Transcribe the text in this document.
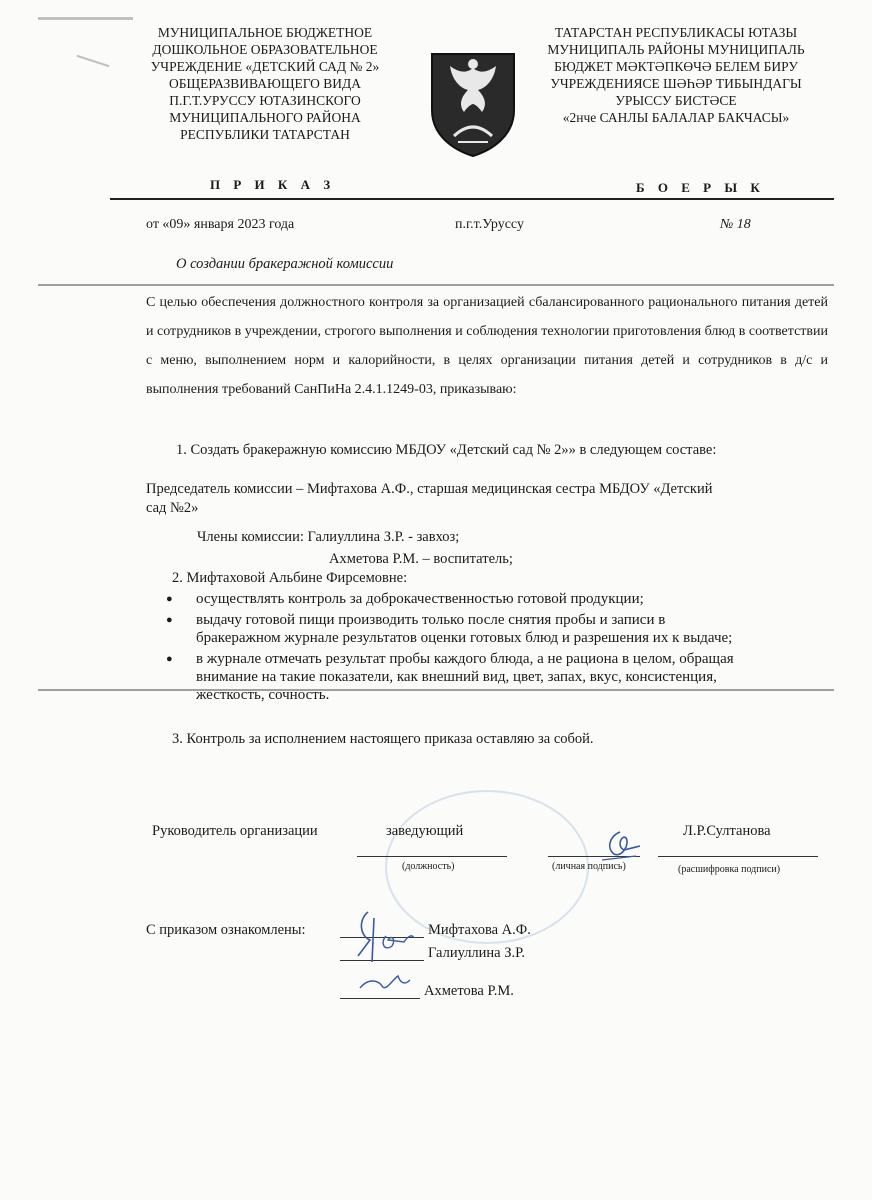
МУНИЦИПАЛЬНОЕ БЮДЖЕТНОЕ
ДОШКОЛЬНОЕ ОБРАЗОВАТЕЛЬНОЕ
УЧРЕЖДЕНИЕ «ДЕТСКИЙ САД № 2»
ОБЩЕРАЗВИВАЮЩЕГО ВИДА
П.Г.Т.УРУССУ ЮТАЗИНСКОГО
МУНИЦИПАЛЬНОГО РАЙОНА
РЕСПУБЛИКИ ТАТАРСТАН
ТАТАРСТАН РЕСПУБЛИКАСЫ ЮТАЗЫ
МУНИЦИПАЛЬ РАЙОНЫ МУНИЦИПАЛЬ
БЮДЖЕТ МӘКТӘПКӨЧӘ БЕЛЕМ БИРУ
УЧРЕЖДЕНИЯСЕ ШӘҺӘР ТИБЫНДАГЫ
УРЫССУ БИСТӘСЕ
«2нче САНЛЫ БАЛАЛАР БАКЧАСЫ»
П Р И К А З	Б О Е Р Ы К
от «09» января 2023 года	п.г.т.Уруссу	№ 18
О создании бракеражной комиссии
С целью обеспечения должностного контроля за организацией сбалансированного рационального питания детей и сотрудников в учреждении, строгого выполнения и соблюдения технологии приготовления блюд в соответствии с меню, выполнением норм и калорийности, в целях организации питания детей и сотрудников в д/с и выполнения требований СанПиНа 2.4.1.1249-03, приказываю:
1. Создать бракеражную комиссию МБДОУ «Детский сад № 2»» в следующем составе:
Председатель комиссии – Мифтахова А.Ф., старшая медицинская сестра МБДОУ «Детский
сад №2»
Члены комиссии: Галиуллина З.Р. - завхоз;
Ахметова Р.М. – воспитатель;
2. Мифтаховой Альбине Фирсемовне:
●	осуществлять контроль за доброкачественностью готовой продукции;
●	выдачу готовой пищи производить только после снятия пробы и записи в
бракеражном журнале результатов оценки готовых блюд и разрешения их к выдаче;
●	в журнале отмечать результат пробы каждого блюда, а не рациона в целом, обращая
внимание на такие показатели, как внешний вид, цвет, запах, вкус, консистенция,
жесткость, сочность.
3. Контроль за исполнением настоящего приказа оставляю за собой.
Руководитель организации	заведующий	Л.Р.Султанова
(должность)	(личная подпись)	(расшифровка подписи)
С приказом ознакомлены:	Мифтахова А.Ф.
Галиуллина З.Р.
Ахметова Р.М.
